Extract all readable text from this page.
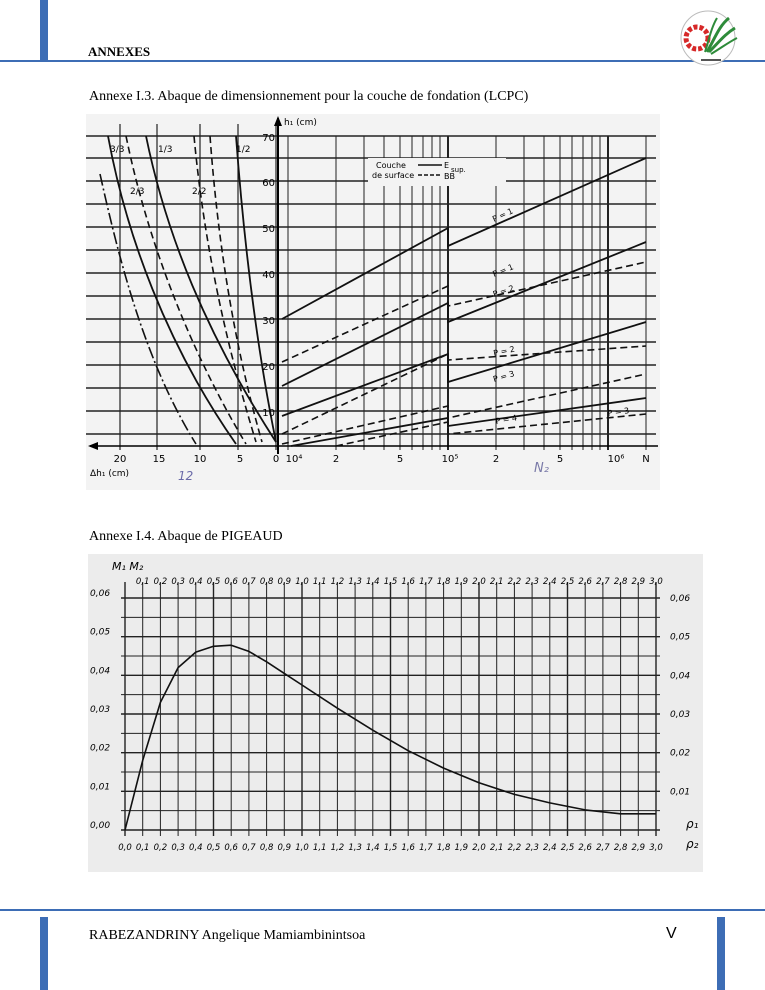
ANNEXES
Annexe I.3. Abaque de dimensionnement pour la couche de fondation (LCPC)
h₁ (cm)
70
60
50
40
30
20
10
20	15	10	5	0 10⁴	2	5	10⁵	2	5	10⁶ N
Δh₁ (cm)	12	N₂
3/3	1/3	1/2
2/3	2/2
Couche
de surface
E sup.
BB
P = 1
P = 1
P = 2
P = 2
P = 3
P = 4
P = 3
Annexe I.4. Abaque de PIGEAUD
0,1 0,2 0,3 0,4 0,5 0,6 0,7 0,8 0,9 1,0 1,1 1,2 1,3 1,4 1,5 1,6 1,7 1,8 1,9 2,0 2,1 2,2 2,3 2,4 2,5 2,6 2,7 2,8 2,9 3,0
0,0 0,1 0,2 0,3 0,4 0,5 0,6 0,7 0,8 0,9 1,0 1,1 1,2 1,3 1,4 1,5 1,6 1,7 1,8 1,9 2,0 2,1 2,2 2,3 2,4 2,5 2,6 2,7 2,8 2,9 3,0
0,00
0,01
0,02
0,03
0,04
0,05
0,06
0,01
0,02
0,03
0,04
0,05
0,06
M₁ M₂
ρ₁
ρ₂
RABEZANDRINY Angelique Mamiambinintsoa	V
